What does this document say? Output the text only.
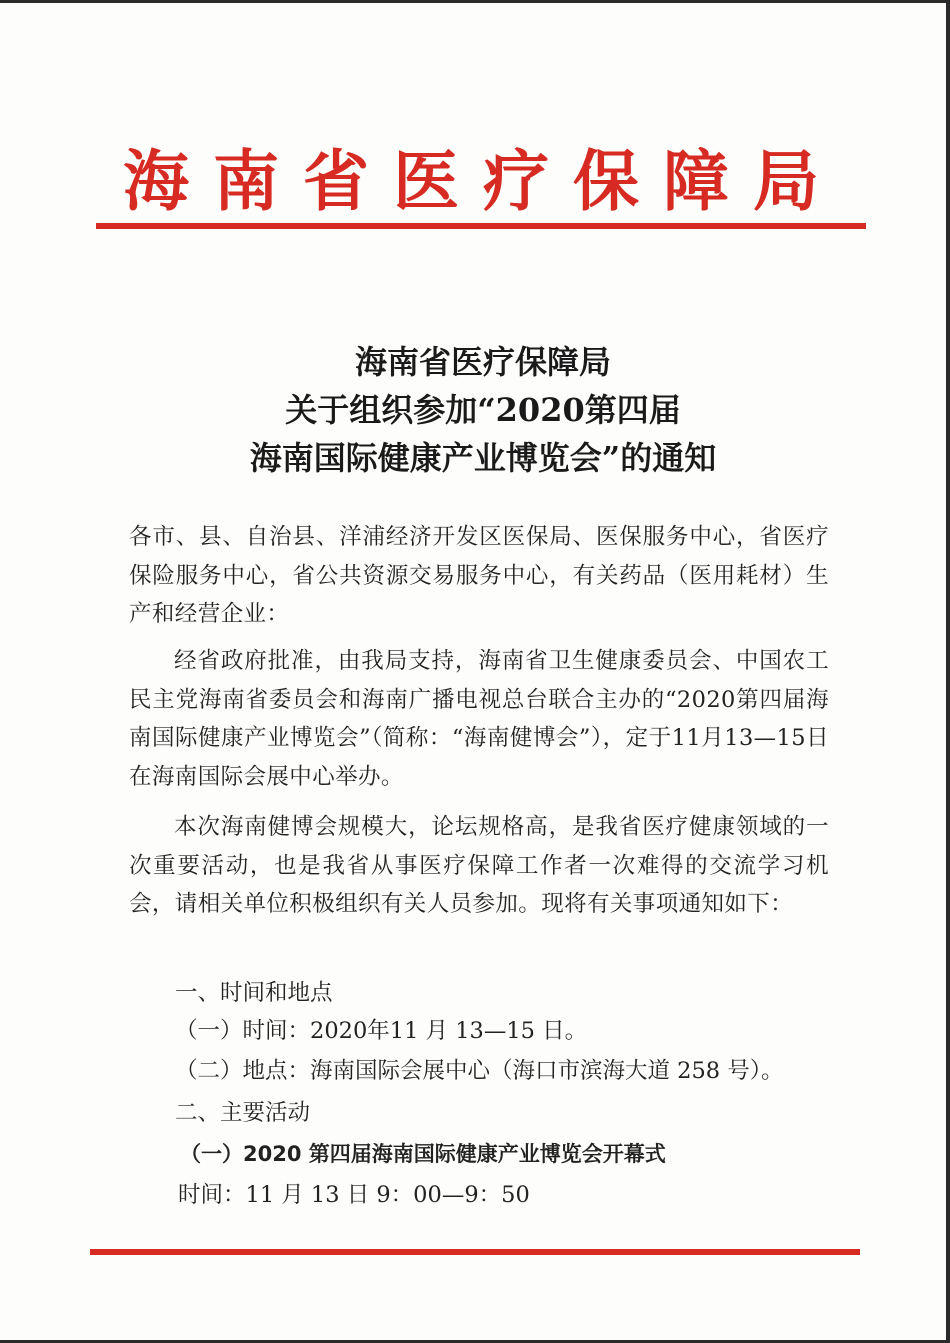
海南省医疗保障局
海南省医疗保障局
关于组织参加“2020第四届
海南国际健康产业博览会”的通知
各市、县、自治县、洋浦经济开发区医保局、医保服务中心，省医疗保险服务中心，省公共资源交易服务中心，有关药品（医用耗材）生产和经营企业：
经省政府批准，由我局支持，海南省卫生健康委员会、中国农工民主党海南省委员会和海南广播电视总台联合主办的“2020第四届海南国际健康产业博览会”（简称：“海南健博会”），定于11月13—15日在海南国际会展中心举办。
本次海南健博会规模大，论坛规格高，是我省医疗健康领域的一次重要活动，也是我省从事医疗保障工作者一次难得的交流学习机会，请相关单位积极组织有关人员参加。现将有关事项通知如下：
一、时间和地点
（一）时间：2020年11 月 13—15 日。
（二）地点：海南国际会展中心（海口市滨海大道 258 号）。
二、主要活动
（一）2020 第四届海南国际健康产业博览会开幕式
时间：11 月 13 日 9：00—9：50
